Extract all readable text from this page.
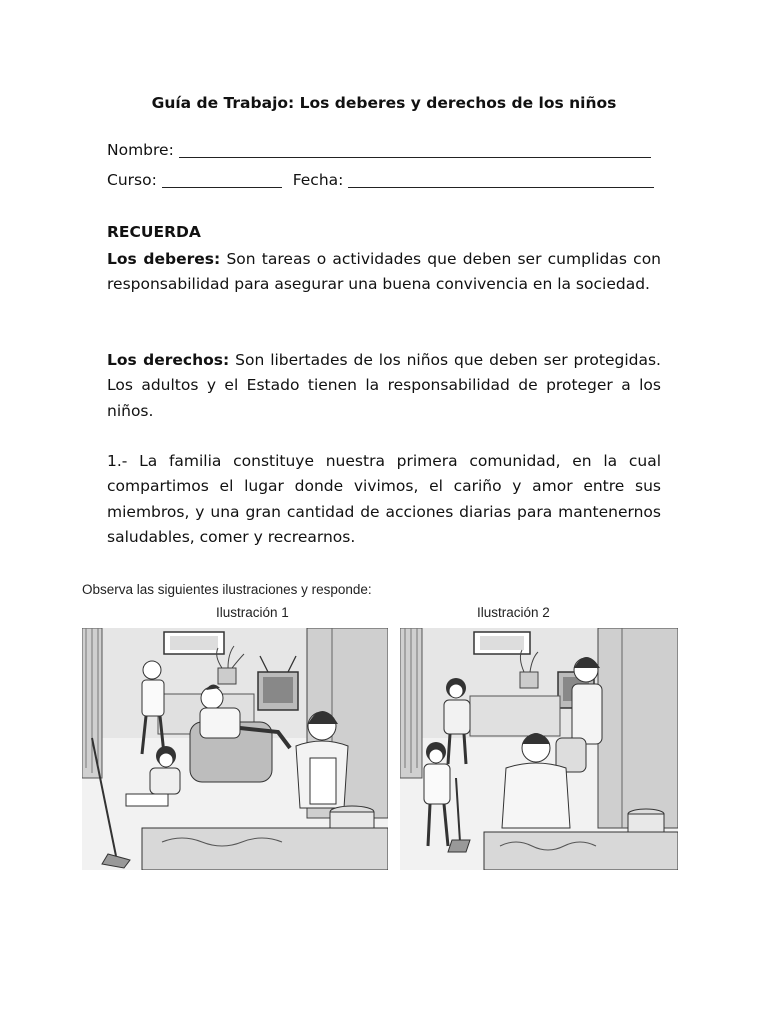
Guía de Trabajo: Los deberes y derechos de los niños
Nombre:
Curso:	Fecha:
RECUERDA
Los deberes: Son tareas o actividades que deben ser cumplidas con responsabilidad para asegurar una buena convivencia en la sociedad.
Los derechos: Son libertades de los niños que deben ser protegidas. Los adultos y el Estado tienen la responsabilidad de proteger a los niños.
1.- La familia constituye nuestra primera comunidad, en la cual compartimos el lugar donde vivimos, el cariño y amor entre sus miembros, y una gran cantidad de acciones diarias para mantenernos saludables, comer y recrearnos.
Observa las siguientes ilustraciones y responde:
Ilustración 1	Ilustración 2
